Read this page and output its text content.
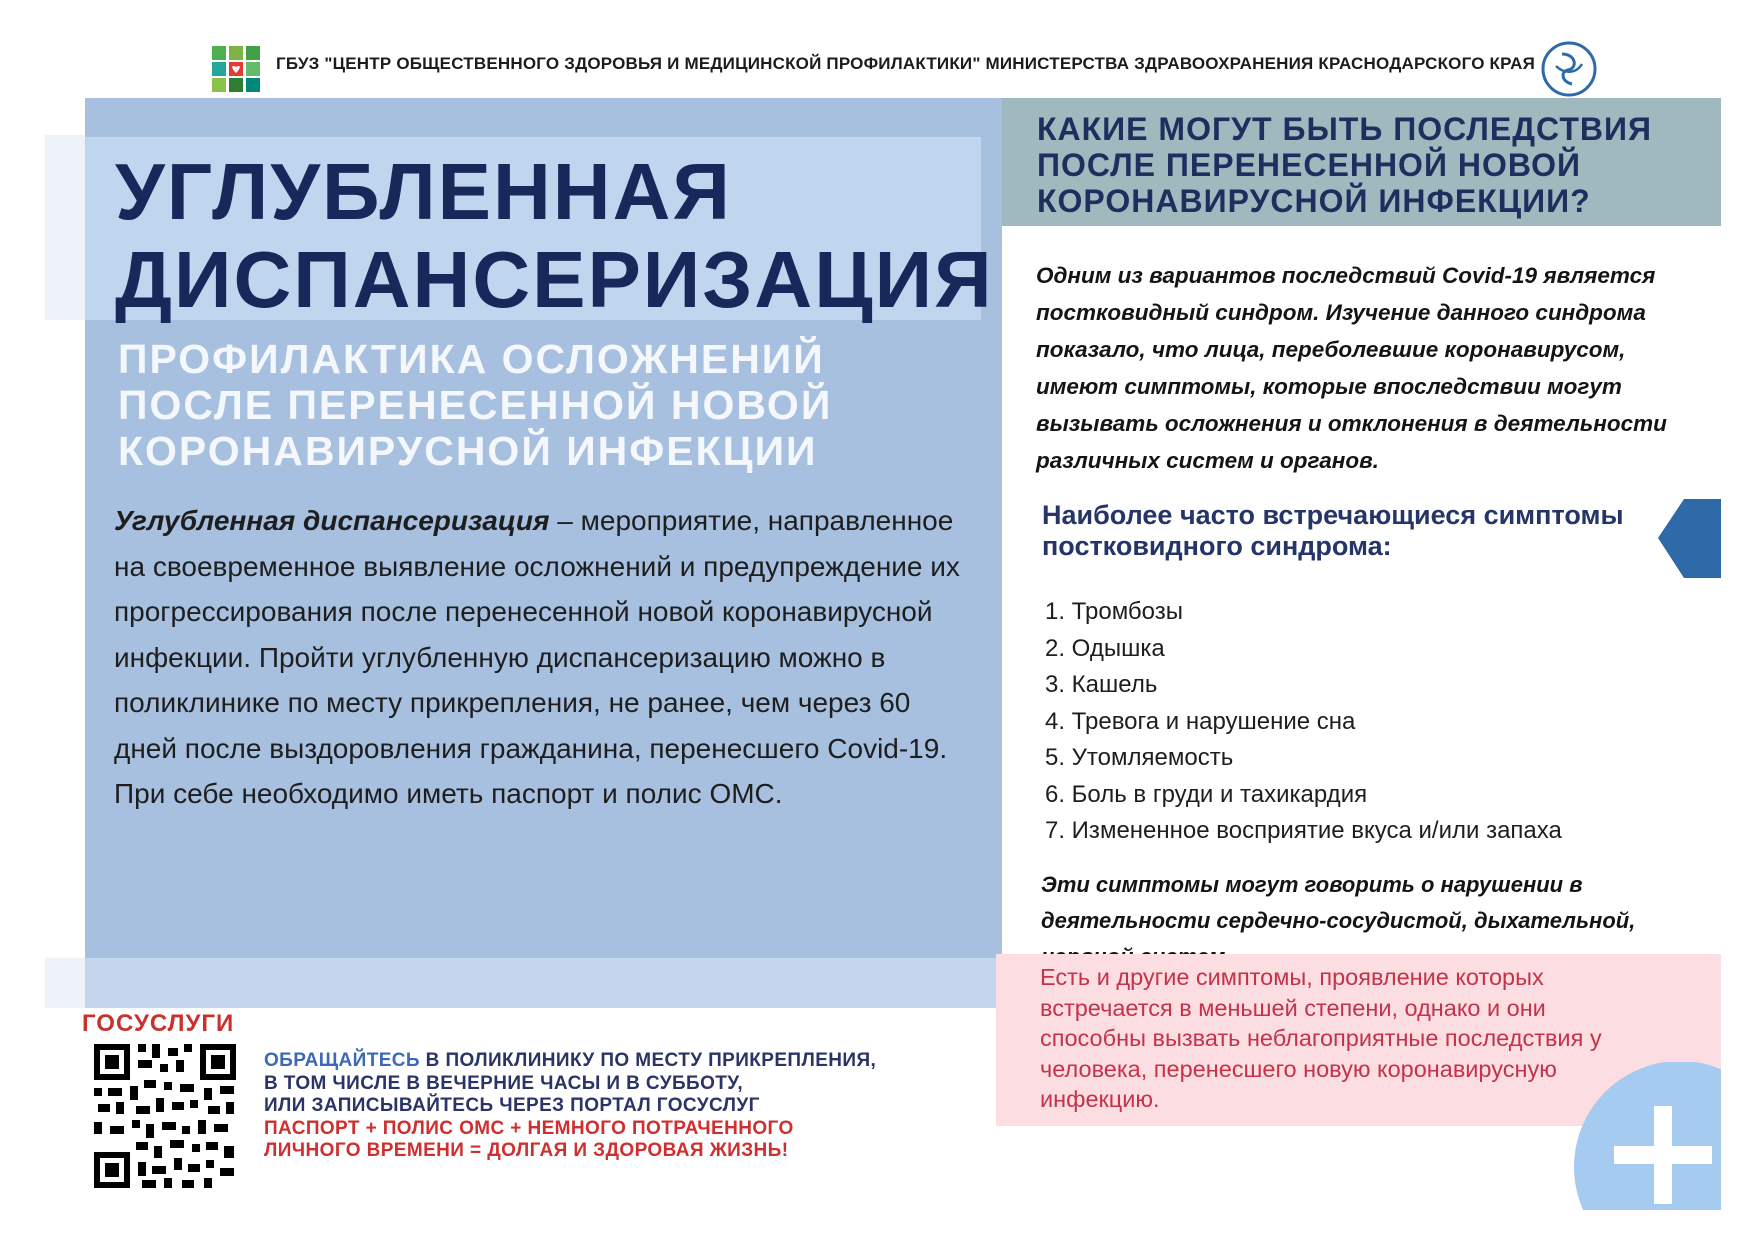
ГБУЗ "ЦЕНТР ОБЩЕСТВЕННОГО ЗДОРОВЬЯ И МЕДИЦИНСКОЙ ПРОФИЛАКТИКИ" МИНИСТЕРСТВА ЗДРАВООХРАНЕНИЯ КРАСНОДАРСКОГО КРАЯ
УГЛУБЛЕННАЯ
ДИСПАНСЕРИЗАЦИЯ
ПРОФИЛАКТИКА ОСЛОЖНЕНИЙ
ПОСЛЕ ПЕРЕНЕСЕННОЙ НОВОЙ
КОРОНАВИРУСНОЙ ИНФЕКЦИИ
Углубленная диспансеризация – мероприятие, направленное на своевременное выявление осложнений и предупреждение их прогрессирования после перенесенной новой коронавирусной инфекции. Пройти углубленную диспансеризацию можно в поликлинике по месту прикрепления, не ранее, чем через 60 дней после выздоровления гражданина, перенесшего Covid-19.
При себе необходимо иметь паспорт и полис ОМС.
ГОСУСЛУГИ
ОБРАЩАЙТЕСЬ В ПОЛИКЛИНИКУ ПО МЕСТУ ПРИКРЕПЛЕНИЯ,
В ТОМ ЧИСЛЕ В ВЕЧЕРНИЕ ЧАСЫ И В СУББОТУ,
ИЛИ ЗАПИСЫВАЙТЕСЬ ЧЕРЕЗ ПОРТАЛ ГОСУСЛУГ
ПАСПОРТ + ПОЛИС ОМС + НЕМНОГО ПОТРАЧЕННОГО
ЛИЧНОГО ВРЕМЕНИ = ДОЛГАЯ И ЗДОРОВАЯ ЖИЗНЬ!
КАКИЕ МОГУТ БЫТЬ ПОСЛЕДСТВИЯ
ПОСЛЕ ПЕРЕНЕСЕННОЙ НОВОЙ
КОРОНАВИРУСНОЙ ИНФЕКЦИИ?
Одним из вариантов последствий Covid-19 является постковидный синдром. Изучение данного синдрома показало, что лица, переболевшие коронавирусом, имеют симптомы, которые впоследствии могут вызывать осложнения и отклонения в деятельности различных систем и органов.
Наиболее часто встречающиеся симптомы постковидного синдрома:
1. Тромбозы
2. Одышка
3. Кашель
4. Тревога и нарушение сна
5. Утомляемость
6. Боль в груди и тахикардия
7. Измененное восприятие вкуса и/или запаха
Эти симптомы могут говорить о нарушении в деятельности сердечно-сосудистой, дыхательной,
Есть и другие симптомы, проявление которых встречается в меньшей степени, однако и они способны вызвать неблагоприятные последствия у человека, перенесшего новую коронавирусную инфекцию.
